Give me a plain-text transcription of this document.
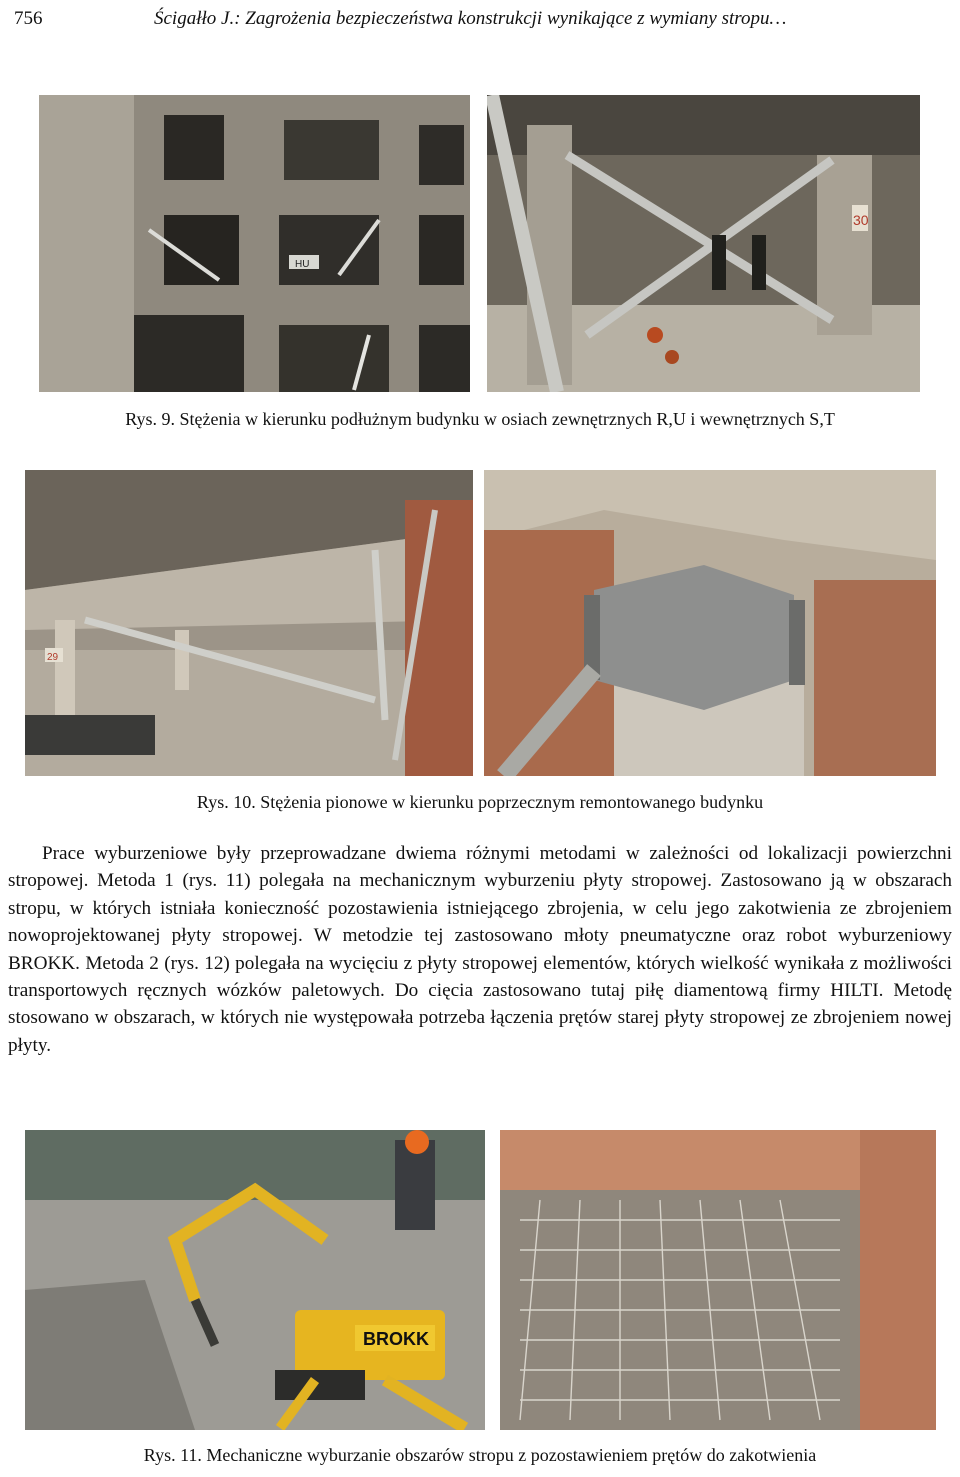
756	Ścigałło J.: Zagrożenia bezpieczeństwa konstrukcji wynikające z wymiany stropu…
HU
30
Rys. 9. Stężenia w kierunku podłużnym budynku w osiach zewnętrznych R,U i wewnętrznych S,T
29
Rys. 10. Stężenia pionowe w kierunku poprzecznym remontowanego budynku

Prace wyburzeniowe były przeprowadzane dwiema różnymi metodami w zależności od lokalizacji powierzchni stropowej. Metoda 1 (rys. 11) polegała na mechanicznym wyburzeniu płyty stropowej. Zastosowano ją w obszarach stropu, w których istniała konieczność pozostawienia istniejącego zbrojenia, w celu jego zakotwienia ze zbrojeniem nowoprojektowanej płyty stropowej. W metodzie tej zastosowano młoty pneumatyczne oraz robot wyburzeniowy BROKK. Metoda 2 (rys. 12) polegała na wycięciu z płyty stropowej elementów, których wielkość wynikała z możliwości transportowych ręcznych wózków paletowych. Do cięcia zastosowano tutaj piłę diamentową firmy HILTI. Metodę stosowano w obszarach, w których nie występowała potrzeba łączenia prętów starej płyty stropowej ze zbrojeniem nowej płyty.

BROKK
Rys. 11. Mechaniczne wyburzanie obszarów stropu z pozostawieniem prętów do zakotwienia
